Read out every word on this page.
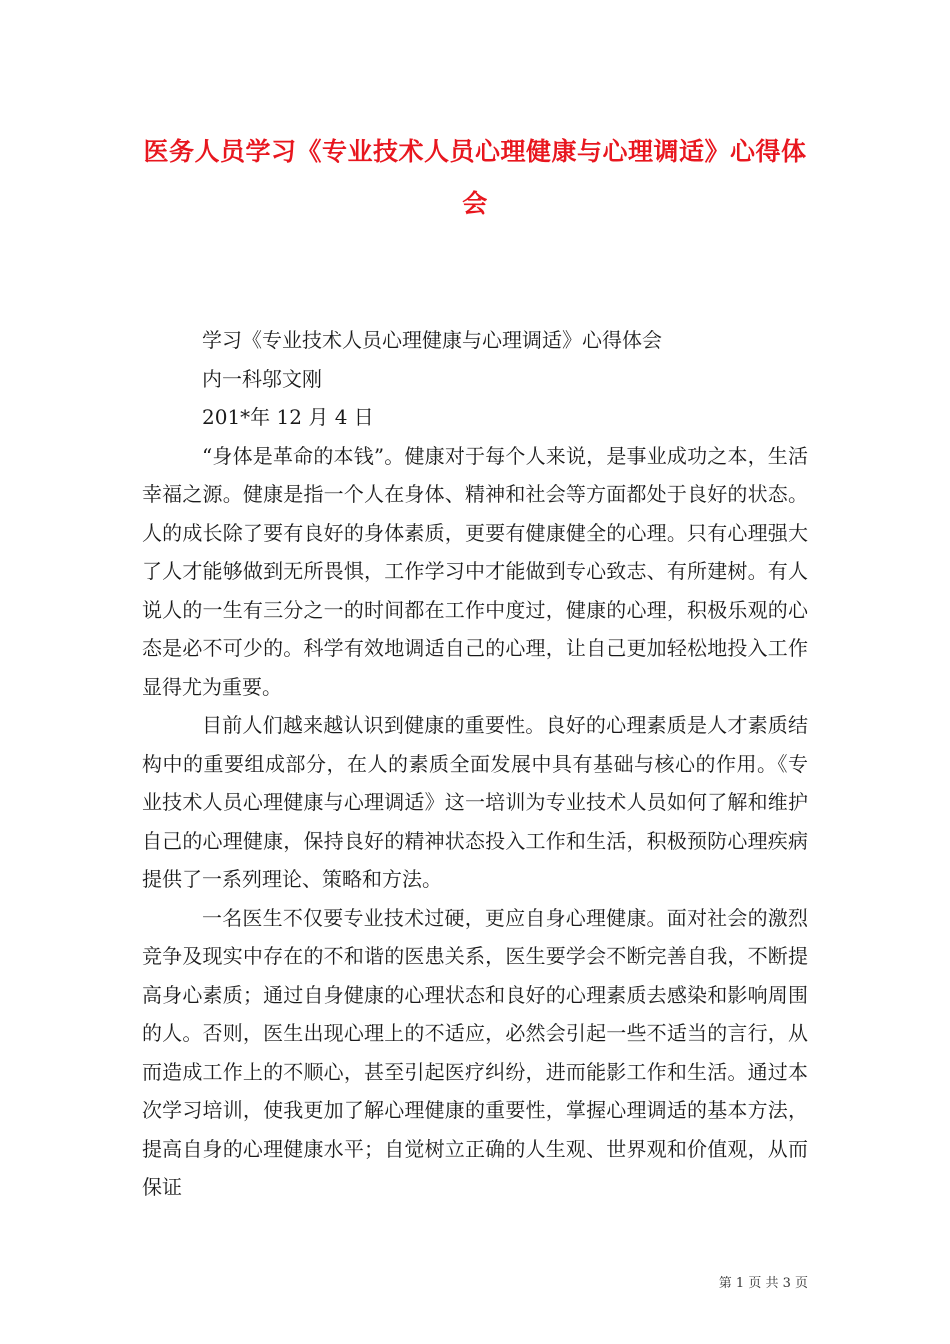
医务人员学习《专业技术人员心理健康与心理调适》心得体会

学习《专业技术人员心理健康与心理调适》心得体会

内一科邬文刚

201*年 12 月 4 日

“身体是革命的本钱”。健康对于每个人来说，是事业成功之本，生活幸福之源。健康是指一个人在身体、精神和社会等方面都处于良好的状态。人的成长除了要有良好的身体素质，更要有健康健全的心理。只有心理强大了人才能够做到无所畏惧，工作学习中才能做到专心致志、有所建树。有人说人的一生有三分之一的时间都在工作中度过，健康的心理，积极乐观的心态是必不可少的。科学有效地调适自己的心理，让自己更加轻松地投入工作显得尤为重要。

目前人们越来越认识到健康的重要性。良好的心理素质是人才素质结构中的重要组成部分，在人的素质全面发展中具有基础与核心的作用。《专业技术人员心理健康与心理调适》这一培训为专业技术人员如何了解和维护自己的心理健康，保持良好的精神状态投入工作和生活，积极预防心理疾病提供了一系列理论、策略和方法。

一名医生不仅要专业技术过硬，更应自身心理健康。面对社会的激烈竞争及现实中存在的不和谐的医患关系，医生要学会不断完善自我，不断提高身心素质；通过自身健康的心理状态和良好的心理素质去感染和影响周围的人。否则，医生出现心理上的不适应，必然会引起一些不适当的言行，从而造成工作上的不顺心，甚至引起医疗纠纷，进而能影工作和生活。通过本次学习培训，使我更加了解心理健康的重要性，掌握心理调适的基本方法，提高自身的心理健康水平；自觉树立正确的人生观、世界观和价值观，从而保证

第 1 页 共 3 页
